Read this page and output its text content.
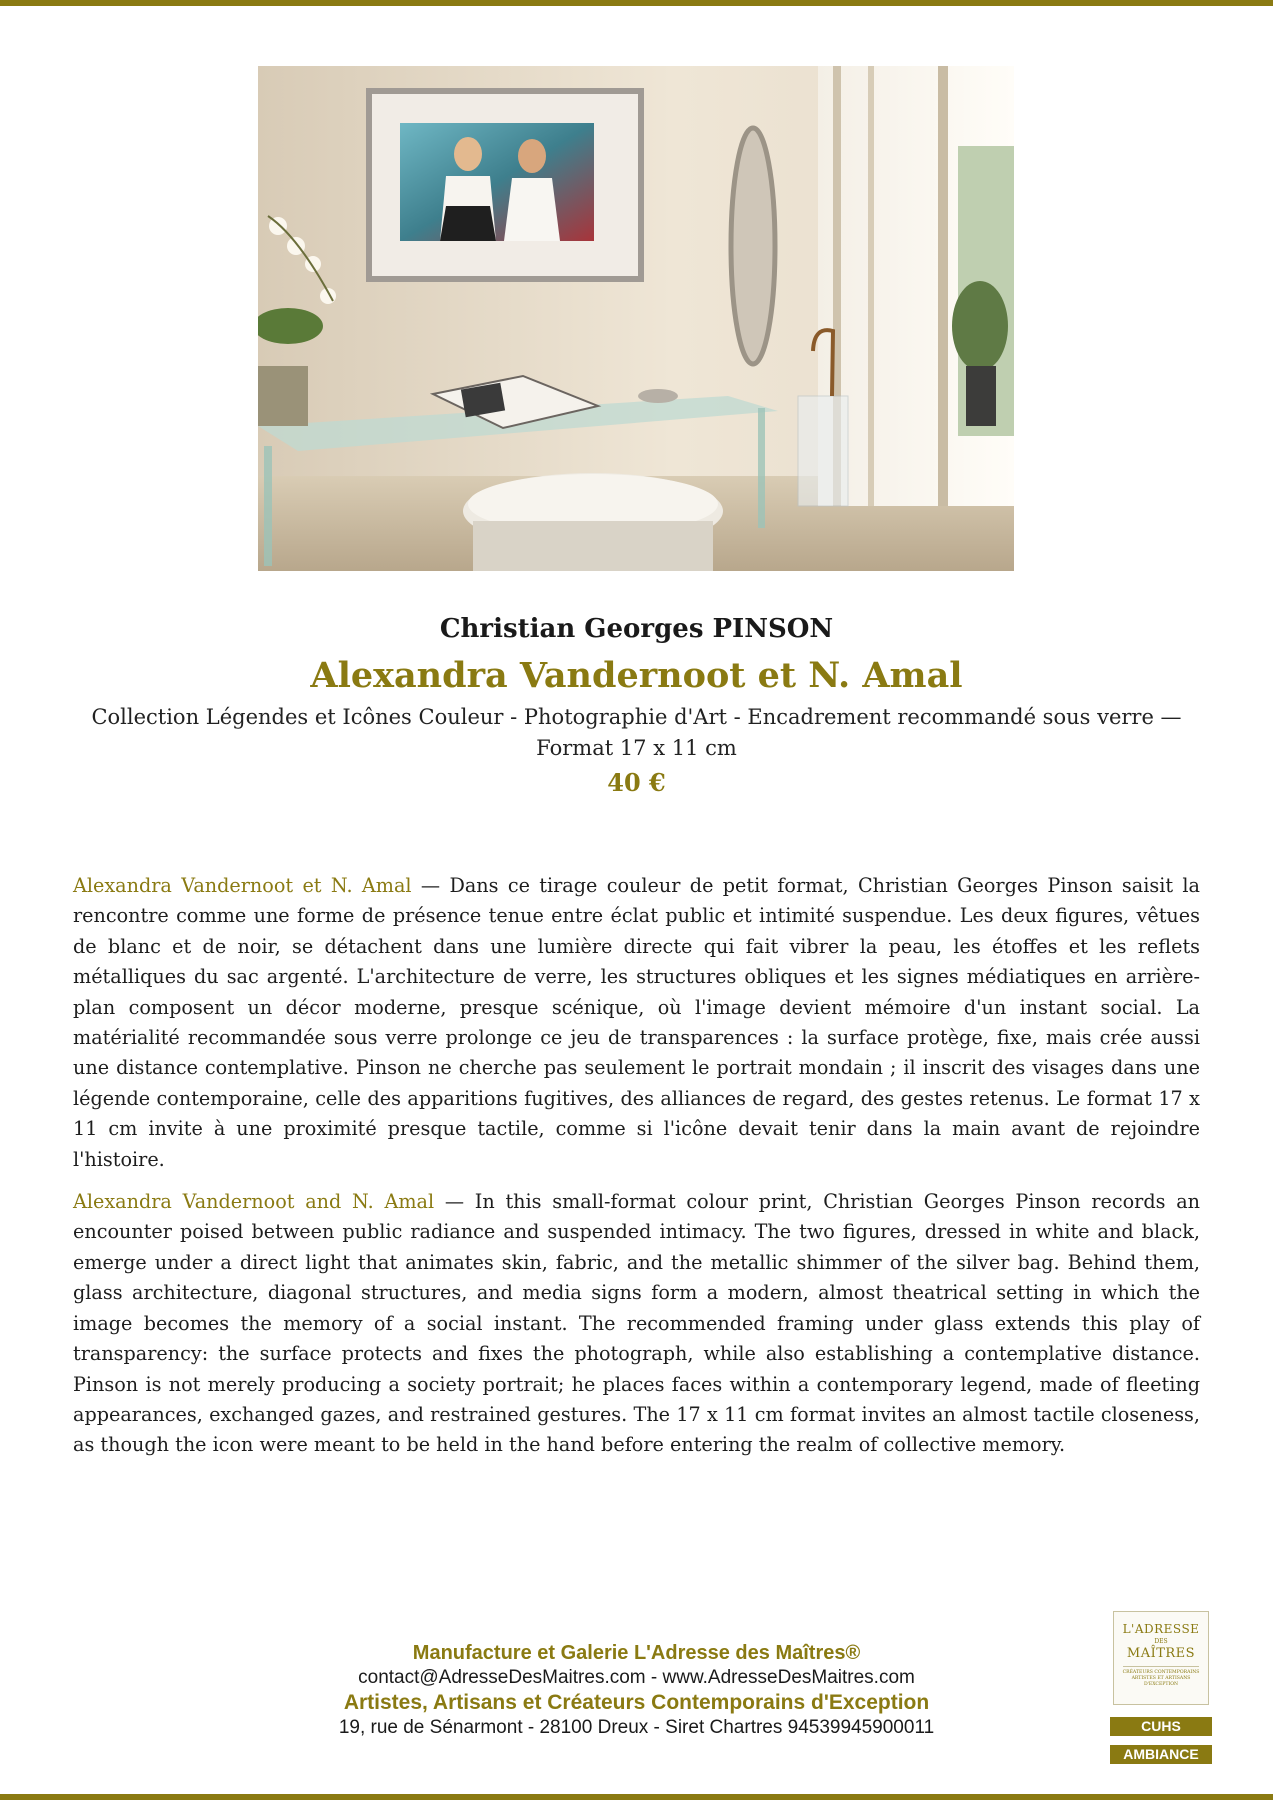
Christian Georges PINSON
Alexandra Vandernoot et N. Amal
Collection Légendes et Icônes Couleur - Photographie d'Art - Encadrement recommandé sous verre — Format 17 x 11 cm
40 €

Alexandra Vandernoot et N. Amal — Dans ce tirage couleur de petit format, Christian Georges Pinson saisit la rencontre comme une forme de présence tenue entre éclat public et intimité suspendue. Les deux figures, vêtues de blanc et de noir, se détachent dans une lumière directe qui fait vibrer la peau, les étoffes et les reflets métalliques du sac argenté. L'architecture de verre, les structures obliques et les signes médiatiques en arrière-plan composent un décor moderne, presque scénique, où l'image devient mémoire d'un instant social. La matérialité recommandée sous verre prolonge ce jeu de transparences : la surface protège, fixe, mais crée aussi une distance contemplative. Pinson ne cherche pas seulement le portrait mondain ; il inscrit des visages dans une légende contemporaine, celle des apparitions fugitives, des alliances de regard, des gestes retenus. Le format 17 x 11 cm invite à une proximité presque tactile, comme si l'icône devait tenir dans la main avant de rejoindre l'histoire.

Alexandra Vandernoot and N. Amal — In this small-format colour print, Christian Georges Pinson records an encounter poised between public radiance and suspended intimacy. The two figures, dressed in white and black, emerge under a direct light that animates skin, fabric, and the metallic shimmer of the silver bag. Behind them, glass architecture, diagonal structures, and media signs form a modern, almost theatrical setting in which the image becomes the memory of a social instant. The recommended framing under glass extends this play of transparency: the surface protects and fixes the photograph, while also establishing a contemplative distance. Pinson is not merely producing a society portrait; he places faces within a contemporary legend, made of fleeting appearances, exchanged gazes, and restrained gestures. The 17 x 11 cm format invites an almost tactile closeness, as though the icon were meant to be held in the hand before entering the realm of collective memory.

Manufacture et Galerie L'Adresse des Maîtres®
contact@AdresseDesMaitres.com - www.AdresseDesMaitres.com
Artistes, Artisans et Créateurs Contemporains d'Exception
19, rue de Sénarmont - 28100 Dreux - Siret Chartres 94539945900011
L'ADRESSE
DES
MAÎTRES
CRÉATEURS CONTEMPORAINS ARTISTES ET ARTISANS D'EXCEPTION
CUHS
AMBIANCE
